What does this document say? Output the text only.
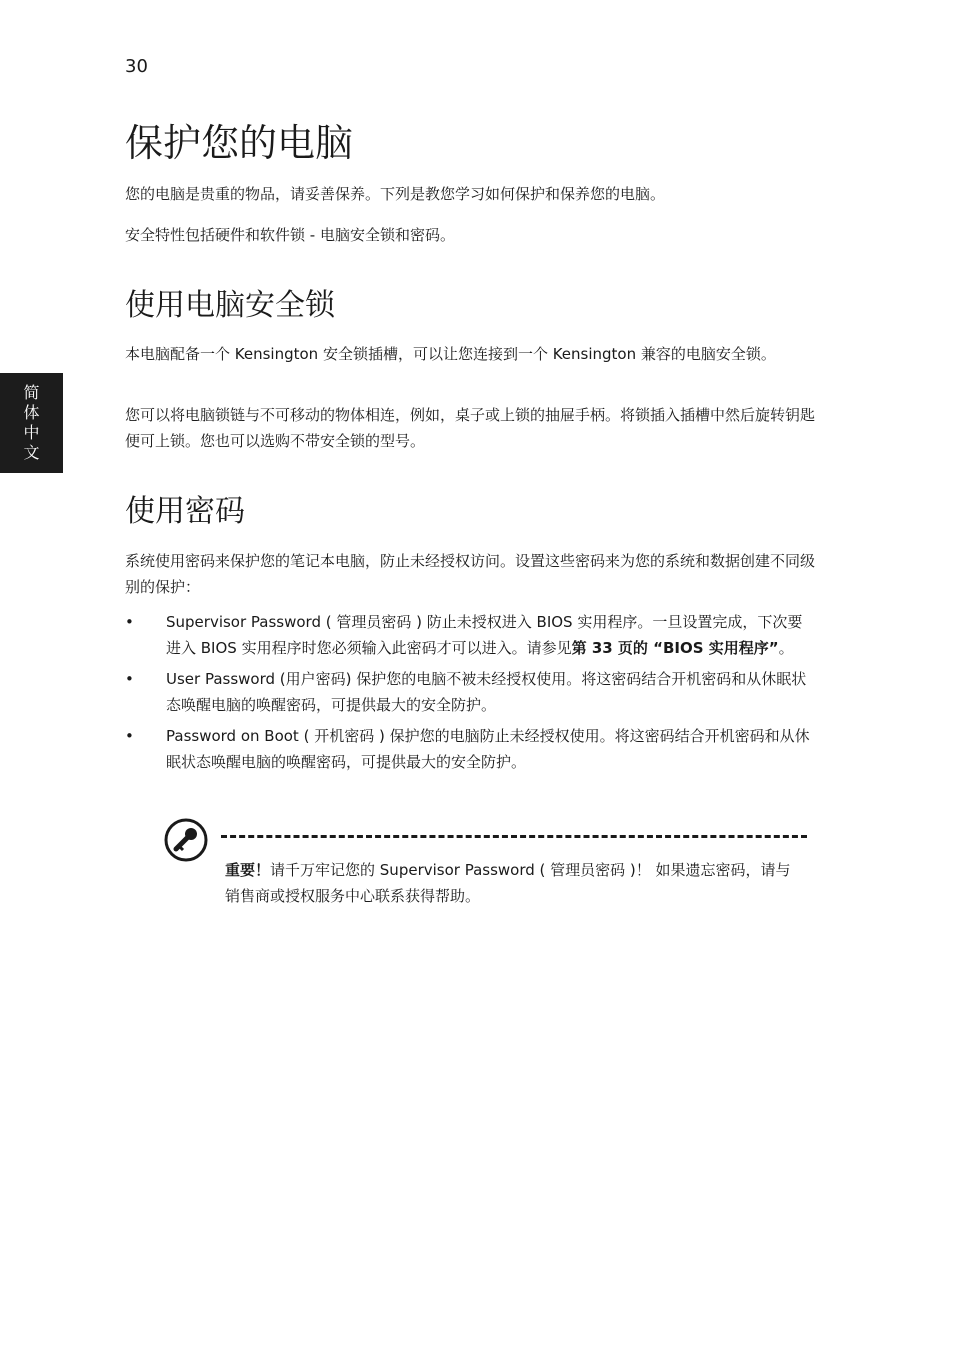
30
简
体
中
文
保护您的电脑

您的电脑是贵重的物品，请妥善保养。下列是教您学习如何保护和保养您的电脑。

安全特性包括硬件和软件锁 - 电脑安全锁和密码。

使用电脑安全锁

本电脑配备一个 Kensington 安全锁插槽，可以让您连接到一个 Kensington 兼容的电脑安全锁。

您可以将电脑锁链与不可移动的物体相连，例如，桌子或上锁的抽屉手柄。将锁插入插槽中然后旋转钥匙便可上锁。您也可以选购不带安全锁的型号。

使用密码

系统使用密码来保护您的笔记本电脑，防止未经授权访问。设置这些密码来为您的系统和数据创建不同级别的保护：

• Supervisor Password ( 管理员密码 ) 防止未授权进入 BIOS 实用程序。一旦设置完成，下次要进入 BIOS 实用程序时您必须输入此密码才可以进入。请参见第 33 页的 “BIOS 实用程序”。
• User Password (用户密码) 保护您的电脑不被未经授权使用。将这密码结合开机密码和从休眠状态唤醒电脑的唤醒密码，可提供最大的安全防护。
• Password on Boot ( 开机密码 ) 保护您的电脑防止未经授权使用。将这密码结合开机密码和从休眠状态唤醒电脑的唤醒密码，可提供最大的安全防护。

重要！请千万牢记您的 Supervisor Password ( 管理员密码 )！ 如果遗忘密码，请与销售商或授权服务中心联系获得帮助。
